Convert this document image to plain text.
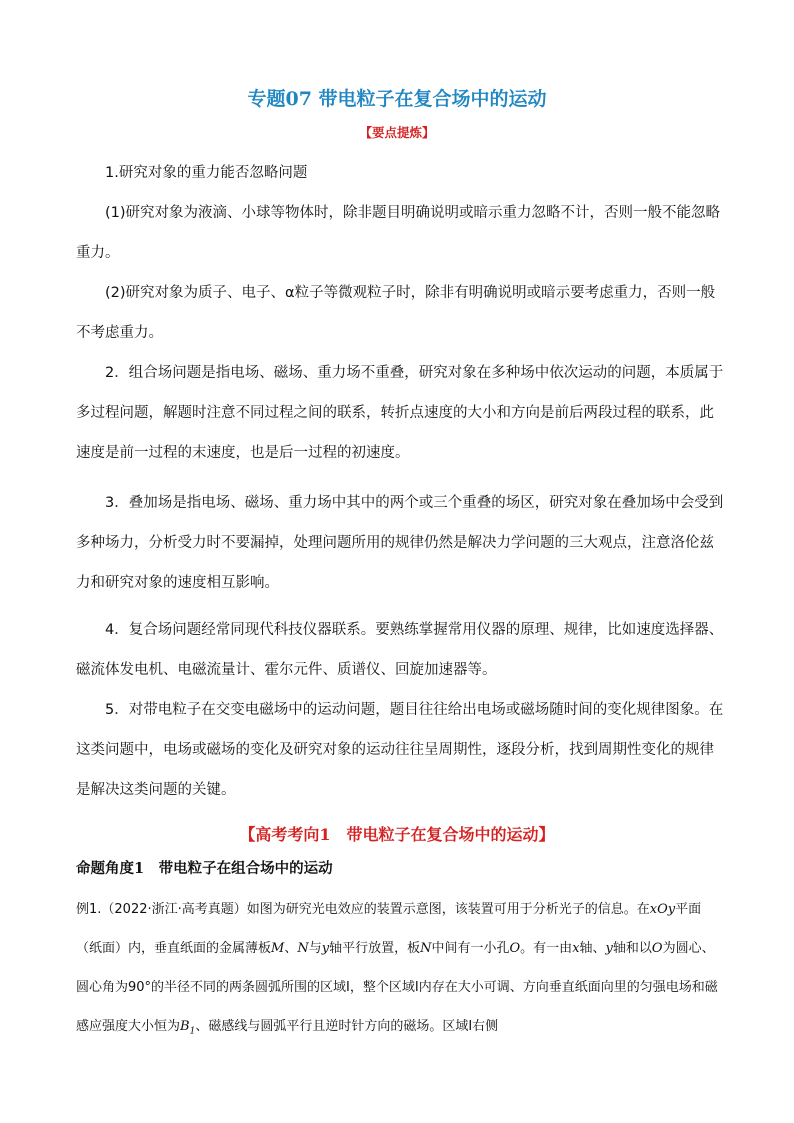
专题07 带电粒子在复合场中的运动
【要点提炼】

1.研究对象的重力能否忽略问题

(1)研究对象为液滴、小球等物体时，除非题目明确说明或暗示重力忽略不计，否则一般不能忽略重力。

(2)研究对象为质子、电子、α粒子等微观粒子时，除非有明确说明或暗示要考虑重力，否则一般不考虑重力。

2．组合场问题是指电场、磁场、重力场不重叠，研究对象在多种场中依次运动的问题，本质属于多过程问题，解题时注意不同过程之间的联系，转折点速度的大小和方向是前后两段过程的联系，此速度是前一过程的末速度，也是后一过程的初速度。

3．叠加场是指电场、磁场、重力场中其中的两个或三个重叠的场区，研究对象在叠加场中会受到多种场力，分析受力时不要漏掉，处理问题所用的规律仍然是解决力学问题的三大观点，注意洛伦兹力和研究对象的速度相互影响。

4．复合场问题经常同现代科技仪器联系。要熟练掌握常用仪器的原理、规律，比如速度选择器、磁流体发电机、电磁流量计、霍尔元件、质谱仪、回旋加速器等。

5．对带电粒子在交变电磁场中的运动问题，题目往往给出电场或磁场随时间的变化规律图象。在这类问题中，电场或磁场的变化及研究对象的运动往往呈周期性，逐段分析，找到周期性变化的规律是解决这类问题的关键。

【高考考向1　带电粒子在复合场中的运动】
命题角度1　带电粒子在组合场中的运动

例1.（2022·浙江·高考真题）如图为研究光电效应的装置示意图，该装置可用于分析光子的信息。在xOy平面（纸面）内，垂直纸面的金属薄板M、N与y轴平行放置，板N中间有一小孔O。有一由x轴、y轴和以O为圆心、圆心角为90°的半径不同的两条圆弧所围的区域Ⅰ，整个区域Ⅰ内存在大小可调、方向垂直纸面向里的匀强电场和磁感应强度大小恒为$B_1$、磁感线与圆弧平行且逆时针方向的磁场。区域Ⅰ右侧
